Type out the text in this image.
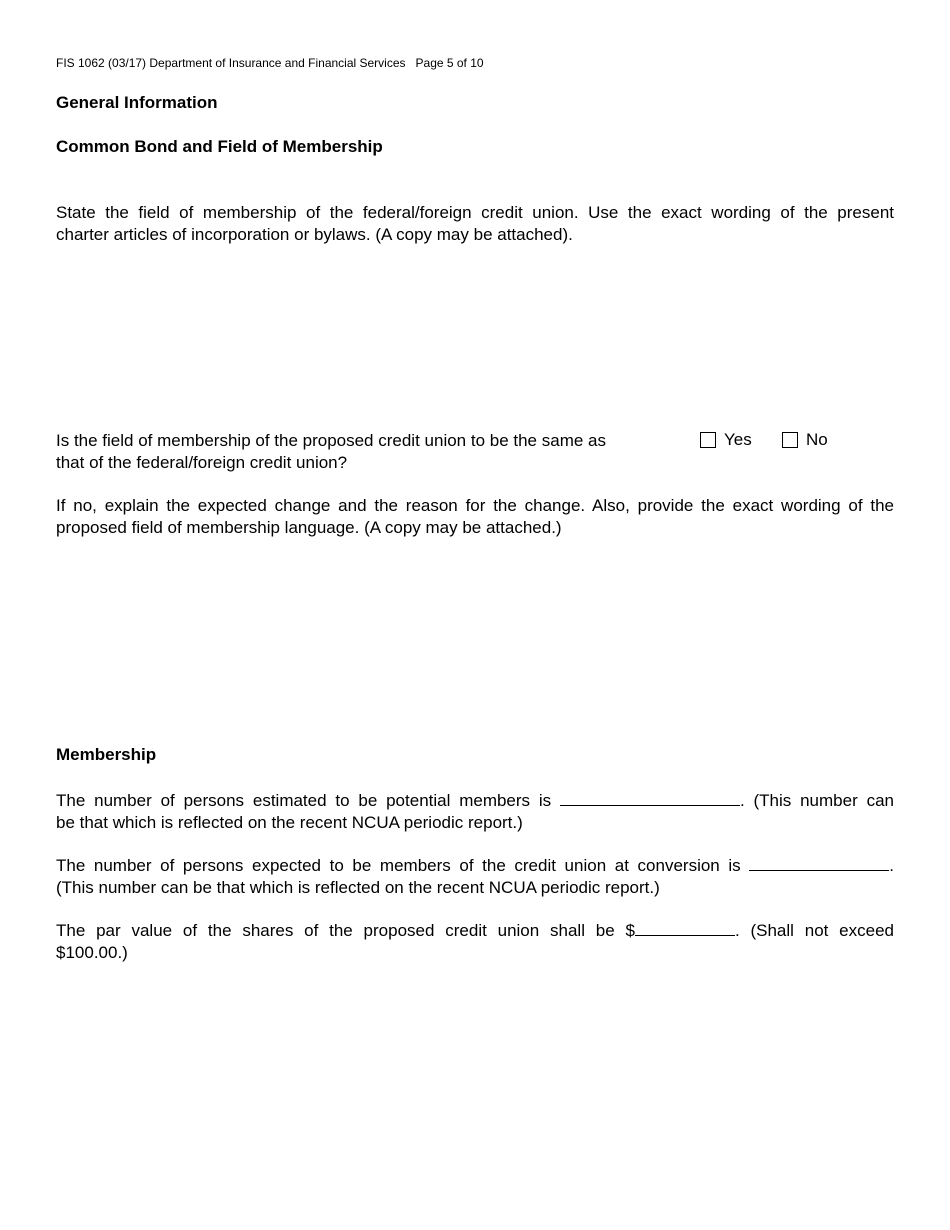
FIS 1062 (03/17) Department of Insurance and Financial Services   Page 5 of 10
General Information
Common Bond and Field of Membership
State the field of membership of the federal/foreign credit union. Use the exact wording of the present
charter articles of incorporation or bylaws. (A copy may be attached).
Is the field of membership of the proposed credit union to be the same as
that of the federal/foreign credit union?
Yes	No
If no, explain the expected change and the reason for the change. Also, provide the exact wording of the
proposed field of membership language. (A copy may be attached.)
Membership
The number of persons estimated to be potential members is	. (This number can
be that which is reflected on the recent NCUA periodic report.)
The number of persons expected to be members of the credit union at conversion is	.
(This number can be that which is reflected on the recent NCUA periodic report.)
The par value of the shares of the proposed credit union shall be $	. (Shall not exceed
$100.00.)
